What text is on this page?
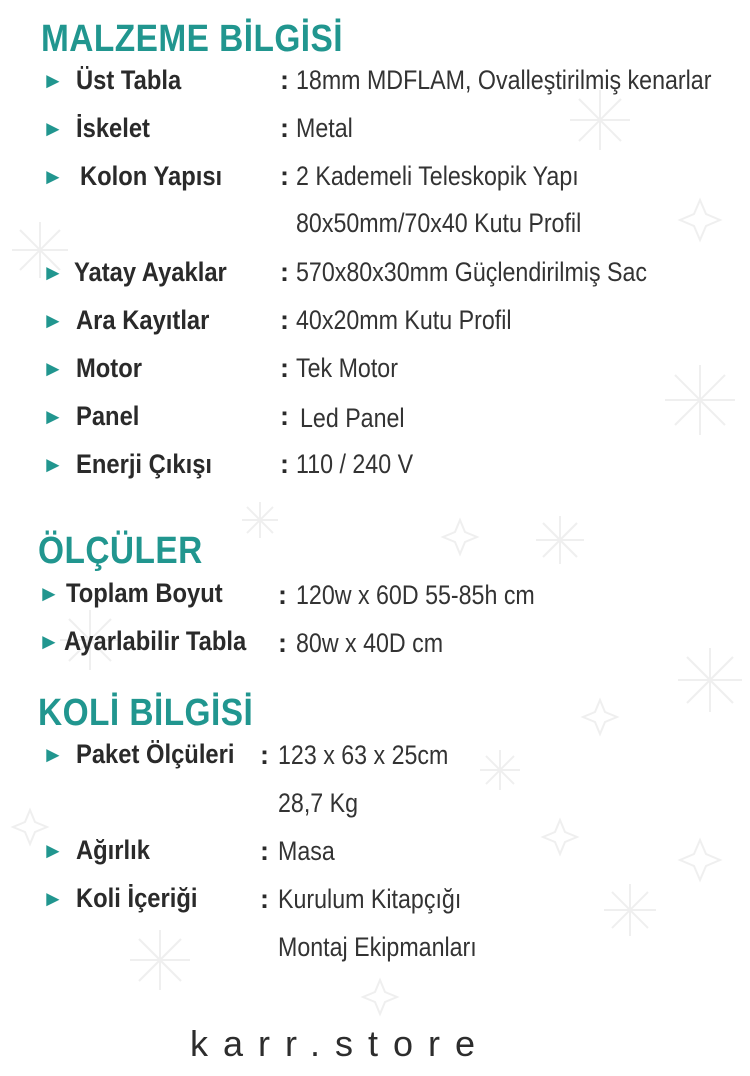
MALZEME BİLGİSİ
► Üst Tabla	: 18mm MDFLAM, Ovalleştirilmiş kenarlar
► İskelet	: Metal
► Kolon Yapısı : 2 Kademeli Teleskopik Yapı
80x50mm/70x40 Kutu Profil
► Yatay Ayaklar : 570x80x30mm Güçlendirilmiş Sac
► Ara Kayıtlar	: 40x20mm Kutu Profil
► Motor	: Tek Motor
► Panel	: Led Panel
► Enerji Çıkışı	: 110 / 240 V
ÖLÇÜLER
► Toplam Boyut : 120w x 60D 55-85h cm
► Ayarlabilir Tabla : 80w x 40D cm
KOLİ BİLGİSİ
► Paket Ölçüleri : 123 x 63 x 25cm
28,7 Kg
► Ağırlık	: Masa
► Koli İçeriği : Kurulum Kitapçığı
Montaj Ekipmanları
karr.store
